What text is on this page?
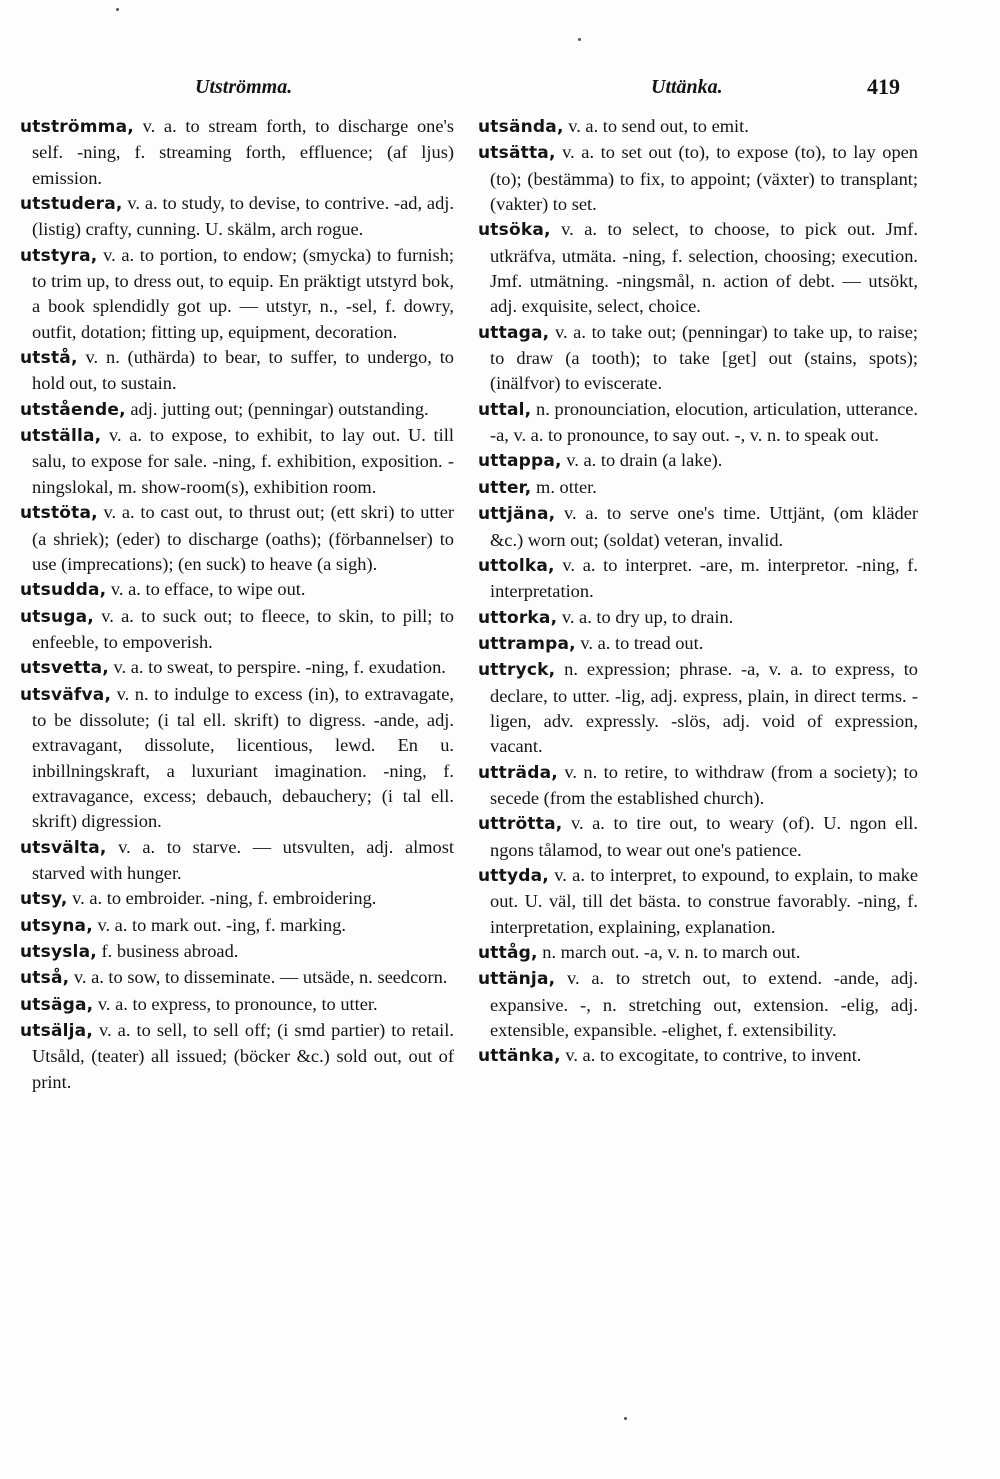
Utströmma.	Uttänka.	419

utströmma, v. a. to stream forth, to discharge one's self. -ning, f. streaming forth, effluence; (af ljus) emission.

utstudera, v. a. to study, to devise, to contrive. -ad, adj. (listig) crafty, cunning. U. skälm, arch rogue.

utstyra, v. a. to portion, to endow; (smycka) to furnish; to trim up, to dress out, to equip. En präktigt utstyrd bok, a book splendidly got up. — utstyr, n., -sel, f. dowry, outfit, dotation; fitting up, equipment, decoration.

utstå, v. n. (uthärda) to bear, to suffer, to undergo, to hold out, to sustain.

utstående, adj. jutting out; (penningar) outstanding.

utställa, v. a. to expose, to exhibit, to lay out. U. till salu, to expose for sale. -ning, f. exhibition, exposition. -ningslokal, m. show-room(s), exhibition room.

utstöta, v. a. to cast out, to thrust out; (ett skri) to utter (a shriek); (eder) to discharge (oaths); (förbannelser) to use (imprecations); (en suck) to heave (a sigh).

utsudda, v. a. to efface, to wipe out.

utsuga, v. a. to suck out; to fleece, to skin, to pill; to enfeeble, to empoverish.

utsvetta, v. a. to sweat, to perspire. -ning, f. exudation.

utsväfva, v. n. to indulge to excess (in), to extravagate, to be dissolute; (i tal ell. skrift) to digress. -ande, adj. extravagant, dissolute, licentious, lewd. En u. inbillningskraft, a luxuriant imagination. -ning, f. extravagance, excess; debauch, debauchery; (i tal ell. skrift) digression.

utsvälta, v. a. to starve. — utsvulten, adj. almost starved with hunger.

utsy, v. a. to embroider. -ning, f. embroidering.

utsyna, v. a. to mark out. -ing, f. marking.

utsysla, f. business abroad.

utså, v. a. to sow, to disseminate. — utsäde, n. seedcorn.

utsäga, v. a. to express, to pronounce, to utter.

utsälja, v. a. to sell, to sell off; (i smd partier) to retail. Utsåld, (teater) all issued; (böcker &c.) sold out, out of print.

utsända, v. a. to send out, to emit.

utsätta, v. a. to set out (to), to expose (to), to lay open (to); (bestämma) to fix, to appoint; (växter) to transplant; (vakter) to set.

utsöka, v. a. to select, to choose, to pick out. Jmf. utkräfva, utmäta. -ning, f. selection, choosing; execution. Jmf. utmätning. -ningsmål, n. action of debt. — utsökt, adj. exquisite, select, choice.

uttaga, v. a. to take out; (penningar) to take up, to raise; to draw (a tooth); to take [get] out (stains, spots); (inälfvor) to eviscerate.

uttal, n. pronounciation, elocution, articulation, utterance. -a, v. a. to pronounce, to say out. -, v. n. to speak out.

uttappa, v. a. to drain (a lake).

utter, m. otter.

uttjäna, v. a. to serve one's time. Uttjänt, (om kläder &c.) worn out; (soldat) veteran, invalid.

uttolka, v. a. to interpret. -are, m. interpretor. -ning, f. interpretation.

uttorka, v. a. to dry up, to drain.

uttrampa, v. a. to tread out.

uttryck, n. expression; phrase. -a, v. a. to express, to declare, to utter. -lig, adj. express, plain, in direct terms. -ligen, adv. expressly. -slös, adj. void of expression, vacant.

utträda, v. n. to retire, to withdraw (from a society); to secede (from the established church).

uttrötta, v. a. to tire out, to weary (of). U. ngon ell. ngons tålamod, to wear out one's patience.

uttyda, v. a. to interpret, to expound, to explain, to make out. U. väl, till det bästa. to construe favorably. -ning, f. interpretation, explaining, explanation.

uttåg, n. march out. -a, v. n. to march out.

uttänja, v. a. to stretch out, to extend. -ande, adj. expansive. -, n. stretching out, extension. -elig, adj. extensible, expansible. -elighet, f. extensibility.

uttänka, v. a. to excogitate, to contrive, to invent.
